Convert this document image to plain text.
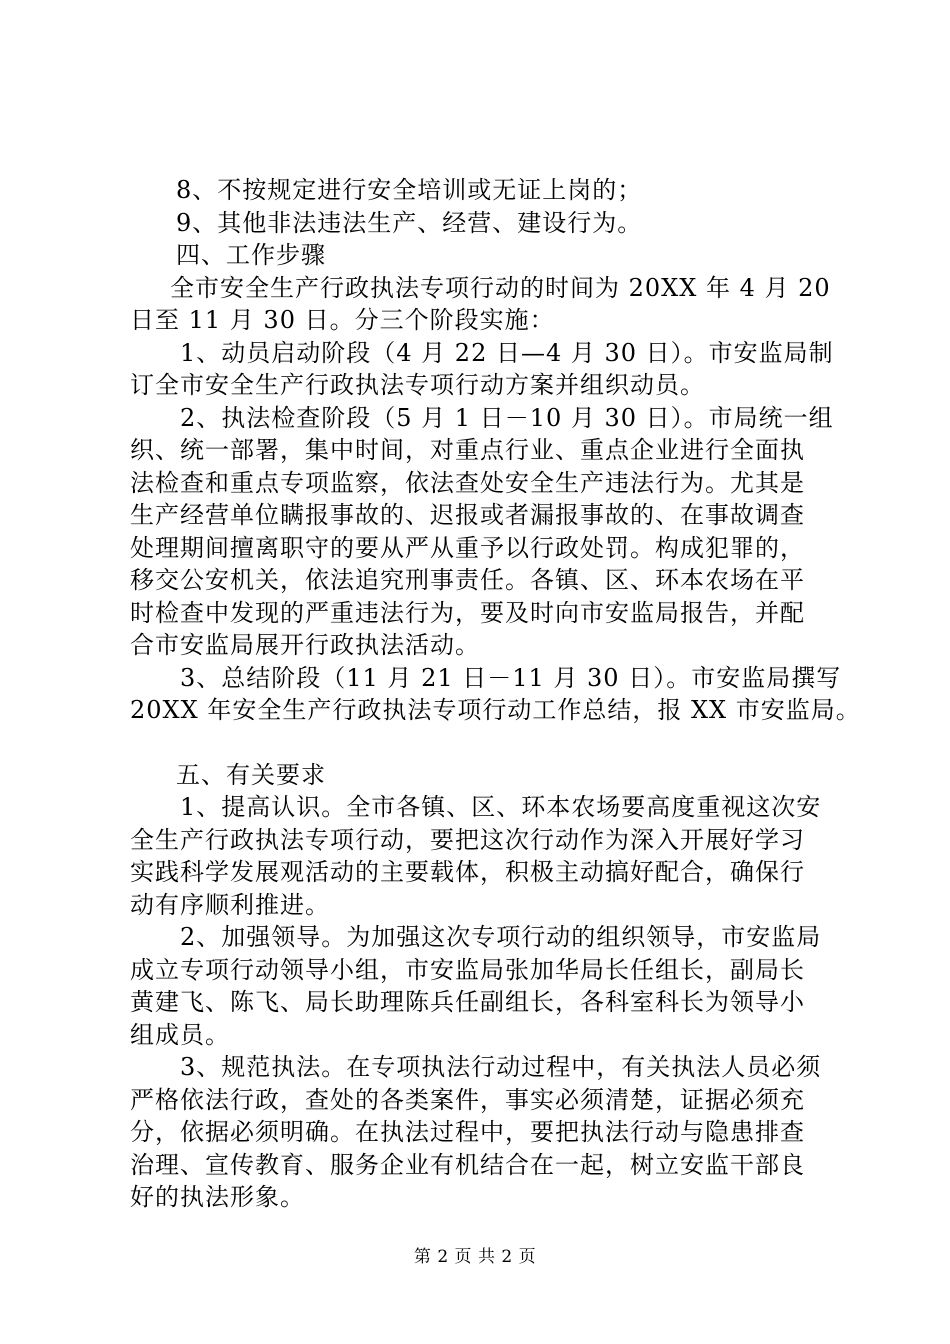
8、不按规定进行安全培训或无证上岗的；
9、其他非法违法生产、经营、建设行为。
四、工作步骤
全市安全生产行政执法专项行动的时间为 20XX 年 4 月 20
日至 11 月 30 日。分三个阶段实施：
1、动员启动阶段（4 月 22 日—4 月 30 日）。市安监局制
订全市安全生产行政执法专项行动方案并组织动员。
2、执法检查阶段（5 月 1 日－10 月 30 日）。市局统一组
织、统一部署，集中时间，对重点行业、重点企业进行全面执
法检查和重点专项监察，依法查处安全生产违法行为。尤其是
生产经营单位瞒报事故的、迟报或者漏报事故的、在事故调查
处理期间擅离职守的要从严从重予以行政处罚。构成犯罪的，
移交公安机关，依法追究刑事责任。各镇、区、环本农场在平
时检查中发现的严重违法行为，要及时向市安监局报告，并配
合市安监局展开行政执法活动。
3、总结阶段（11 月 21 日－11 月 30 日）。市安监局撰写
20XX 年安全生产行政执法专项行动工作总结，报 XX 市安监局。
五、有关要求
1、提高认识。全市各镇、区、环本农场要高度重视这次安
全生产行政执法专项行动，要把这次行动作为深入开展好学习
实践科学发展观活动的主要载体，积极主动搞好配合，确保行
动有序顺利推进。
2、加强领导。为加强这次专项行动的组织领导，市安监局
成立专项行动领导小组，市安监局张加华局长任组长，副局长
黄建飞、陈飞、局长助理陈兵任副组长，各科室科长为领导小
组成员。
3、规范执法。在专项执法行动过程中，有关执法人员必须
严格依法行政，查处的各类案件，事实必须清楚，证据必须充
分，依据必须明确。在执法过程中，要把执法行动与隐患排查
治理、宣传教育、服务企业有机结合在一起，树立安监干部良
好的执法形象。
第 2 页 共 2 页
